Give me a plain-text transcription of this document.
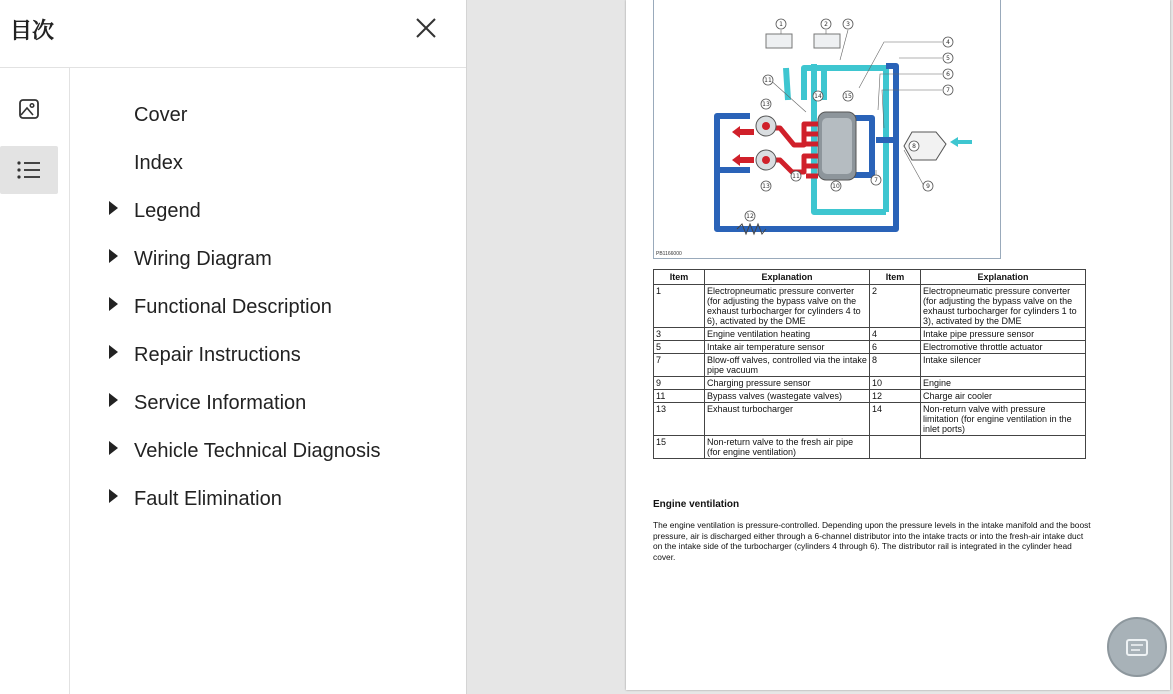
目次
Cover
Index
Legend
Wiring Diagram
Functional Description
Repair Instructions
Service Information
Vehicle Technical Diagnosis
Fault Elimination
1	2	3
4
5
6
7
7
8
9
10
11
11
12
13
13
14	15
PB1166000
Item	Explanation	Item	Explanation
1	Electropneumatic pressure converter (for adjusting the bypass valve on the exhaust turbocharger for cylinders 4 to 6), activated by the DME	2	Electropneumatic pressure converter (for adjusting the bypass valve on the exhaust turbocharger for cylinders 1 to 3), activated by the DME
3	Engine ventilation heating	4	Intake pipe pressure sensor
5	Intake air temperature sensor	6	Electromotive throttle actuator
7	Blow-off valves, controlled via the intake pipe vacuum	8	Intake silencer
9	Charging pressure sensor	10	Engine
11	Bypass valves (wastegate valves)	12	Charge air cooler
13	Exhaust turbocharger	14	Non-return valve with pressure limitation (for engine ventilation in the inlet ports)
15	Non-return valve to the fresh air pipe (for engine ventilation)		
Engine ventilation

The engine ventilation is pressure-controlled. Depending upon the pressure levels in the intake manifold and the boost pressure, air is discharged either through a 6-channel distributor into the intake tracts or into the fresh-air intake duct on the intake side of the turbocharger (cylinders 4 through 6). The distributor rail is integrated in the cylinder head cover.
